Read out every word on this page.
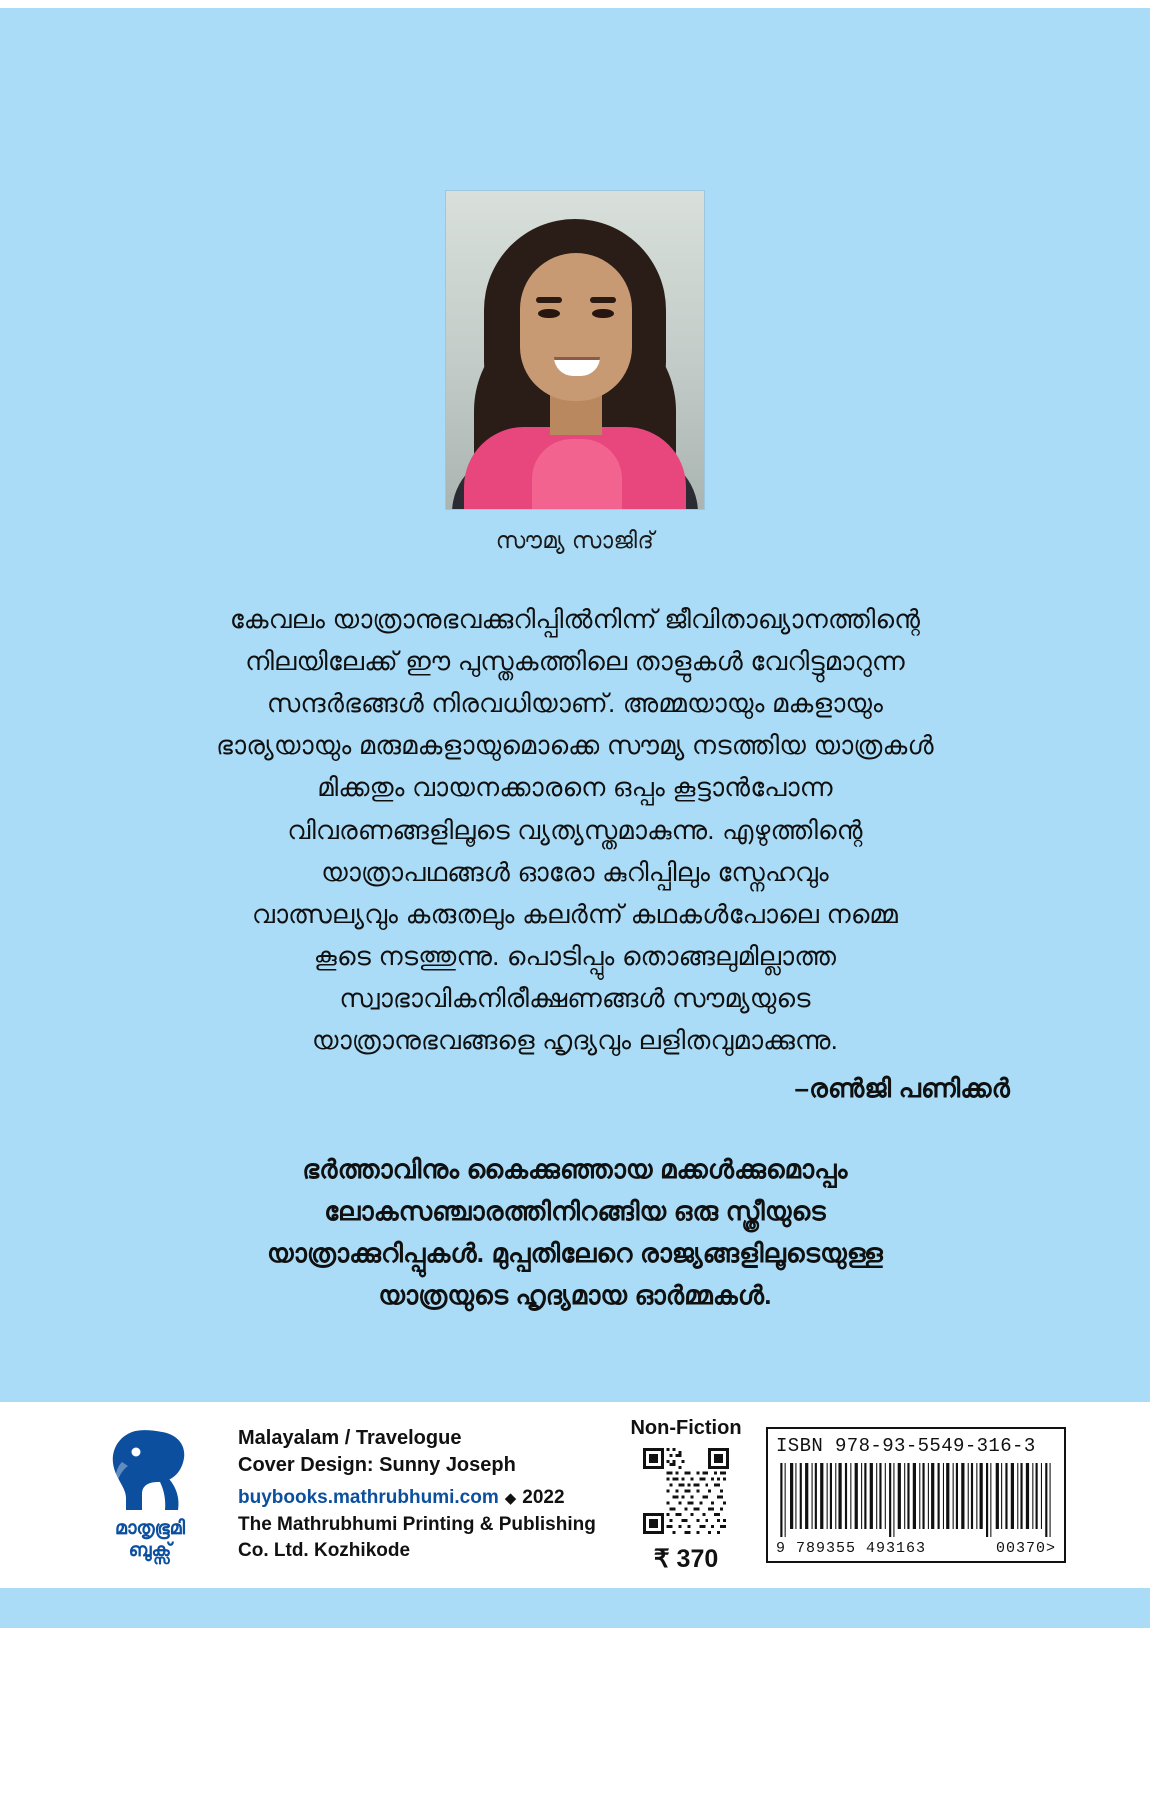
സൗമ്യ സാജിദ്

കേവലം യാത്രാനുഭവക്കുറിപ്പിൽനിന്ന് ജീവിതാഖ്യാനത്തിന്റെ

നിലയിലേക്ക് ഈ പുസ്തകത്തിലെ താളുകൾ വേറിട്ടുമാറുന്ന

സന്ദർഭങ്ങൾ നിരവധിയാണ്. അമ്മയായും മകളായും

ഭാര്യയായും മരുമകളായുമൊക്കെ സൗമ്യ നടത്തിയ യാത്രകൾ

മിക്കതും വായനക്കാരനെ ഒപ്പം കൂട്ടാൻപോന്ന

വിവരണങ്ങളിലൂടെ വ്യത്യസ്തമാകുന്നു. എഴുത്തിന്റെ

യാത്രാപഥങ്ങൾ ഓരോ കുറിപ്പിലും സ്നേഹവും

വാത്സല്യവും കരുതലും കലർന്ന് കഥകൾപോലെ നമ്മെ

കൂടെ നടത്തുന്നു. പൊടിപ്പും തൊങ്ങലുമില്ലാത്ത

സ്വാഭാവികനിരീക്ഷണങ്ങൾ സൗമ്യയുടെ

യാത്രാനുഭവങ്ങളെ ഹൃദ്യവും ലളിതവുമാക്കുന്നു.

–രൺജി പണിക്കർ

ഭർത്താവിനും കൈക്കുഞ്ഞായ മക്കൾക്കുമൊപ്പം

ലോകസഞ്ചാരത്തിനിറങ്ങിയ ഒരു സ്ത്രീയുടെ

യാത്രാക്കുറിപ്പുകൾ. മുപ്പതിലേറെ രാജ്യങ്ങളിലൂടെയുള്ള

യാത്രയുടെ ഹൃദ്യമായ ഓർമ്മകൾ.

മാതൃഭൂമി
ബുക്സ്
Malayalam / Travelogue
Cover Design: Sunny Joseph
buybooks.mathrubhumi.com ◆ 2022
The Mathrubhumi Printing & Publishing Co. Ltd. Kozhikode
Non-Fiction
₹ 370
ISBN 978-93-5549-316-3
9 789355 493163	00370>
